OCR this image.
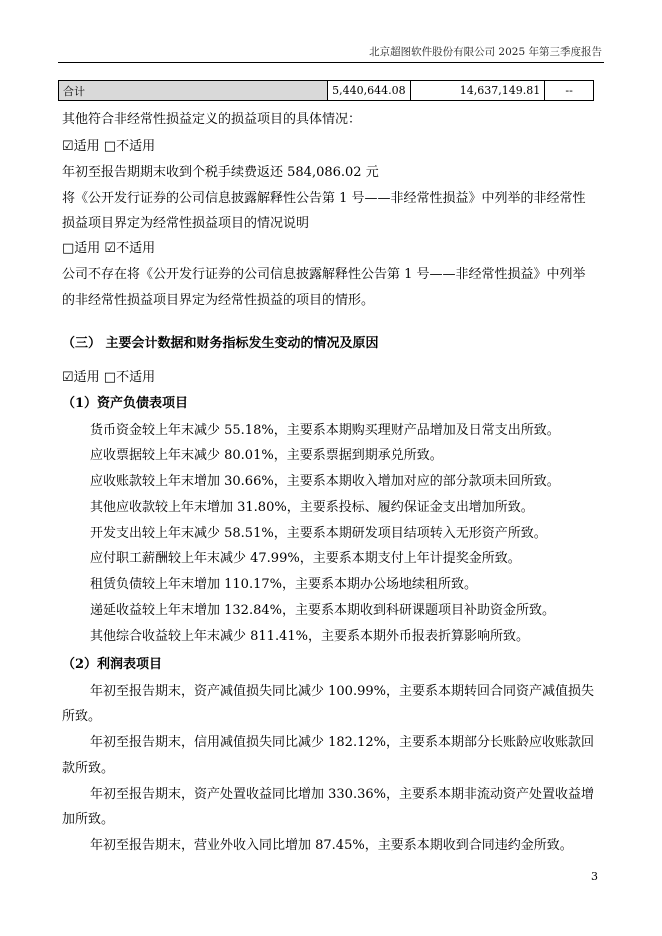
北京超图软件股份有限公司 2025 年第三季度报告
合计	5,440,644.08	14,637,149.81	--
其他符合非经常性损益定义的损益项目的具体情况：
☑适用 □不适用
年初至报告期期末收到个税手续费返还 584,086.02 元
将《公开发行证券的公司信息披露解释性公告第 1 号——非经常性损益》中列举的非经常性
损益项目界定为经常性损益项目的情况说明
□适用 ☑不适用
公司不存在将《公开发行证券的公司信息披露解释性公告第 1 号——非经常性损益》中列举
的非经常性损益项目界定为经常性损益的项目的情形。
（三） 主要会计数据和财务指标发生变动的情况及原因
☑适用 □不适用
（1）资产负债表项目
货币资金较上年末减少 55.18%，主要系本期购买理财产品增加及日常支出所致。
应收票据较上年末减少 80.01%，主要系票据到期承兑所致。
应收账款较上年末增加 30.66%，主要系本期收入增加对应的部分款项未回所致。
其他应收款较上年末增加 31.80%，主要系投标、履约保证金支出增加所致。
开发支出较上年末减少 58.51%，主要系本期研发项目结项转入无形资产所致。
应付职工薪酬较上年末减少 47.99%，主要系本期支付上年计提奖金所致。
租赁负债较上年末增加 110.17%，主要系本期办公场地续租所致。
递延收益较上年末增加 132.84%，主要系本期收到科研课题项目补助资金所致。
其他综合收益较上年末减少 811.41%，主要系本期外币报表折算影响所致。
（2）利润表项目
年初至报告期末，资产减值损失同比减少 100.99%，主要系本期转回合同资产减值损失
所致。
年初至报告期末，信用减值损失同比减少 182.12%，主要系本期部分长账龄应收账款回
款所致。
年初至报告期末，资产处置收益同比增加 330.36%，主要系本期非流动资产处置收益增
加所致。
年初至报告期末，营业外收入同比增加 87.45%，主要系本期收到合同违约金所致。
3
